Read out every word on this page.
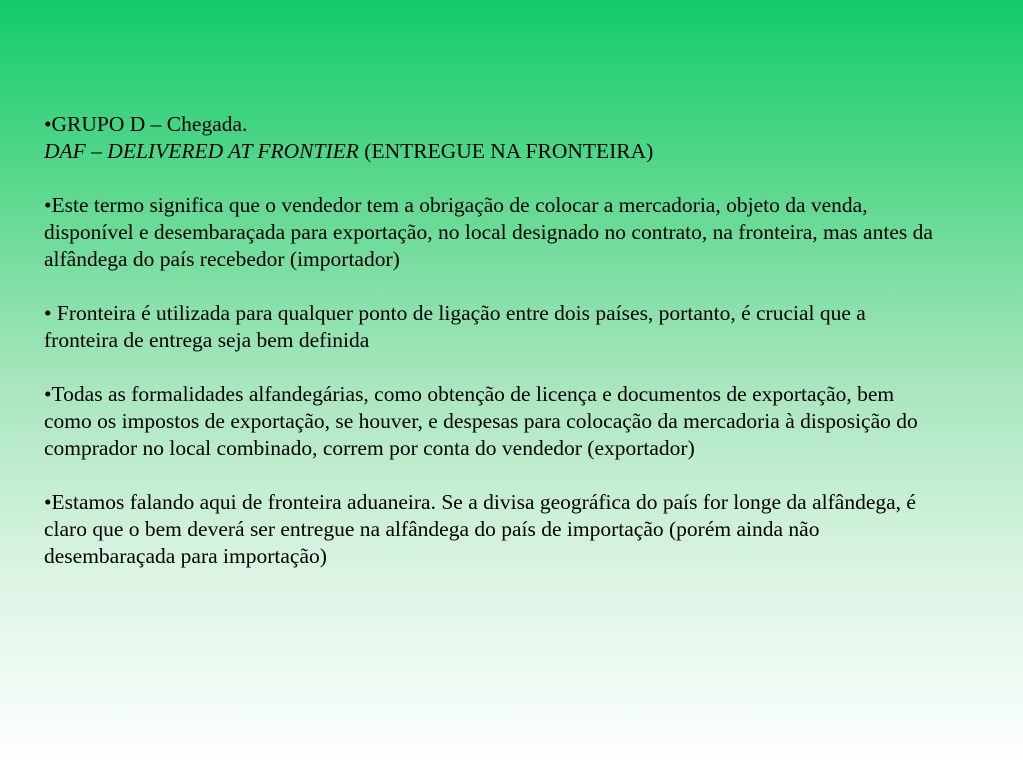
•GRUPO D – Chegada.
DAF – DELIVERED AT FRONTIER (ENTREGUE NA FRONTEIRA)

•Este termo significa que o vendedor tem a obrigação de colocar a mercadoria, objeto da venda, disponível e desembaraçada para exportação, no local designado no contrato, na fronteira, mas antes da alfândega do país recebedor (importador)

• Fronteira é utilizada para qualquer ponto de ligação entre dois países, portanto, é crucial que a fronteira de entrega seja bem definida

•Todas as formalidades alfandegárias, como obtenção de licença e documentos de exportação, bem como os impostos de exportação, se houver, e despesas para colocação da mercadoria à disposição do comprador no local combinado, correm por conta do vendedor (exportador)

•Estamos falando aqui de fronteira aduaneira. Se a divisa geográfica do país for longe da alfândega, é claro que o bem deverá ser entregue na alfândega do país de importação (porém ainda não desembaraçada para importação)
